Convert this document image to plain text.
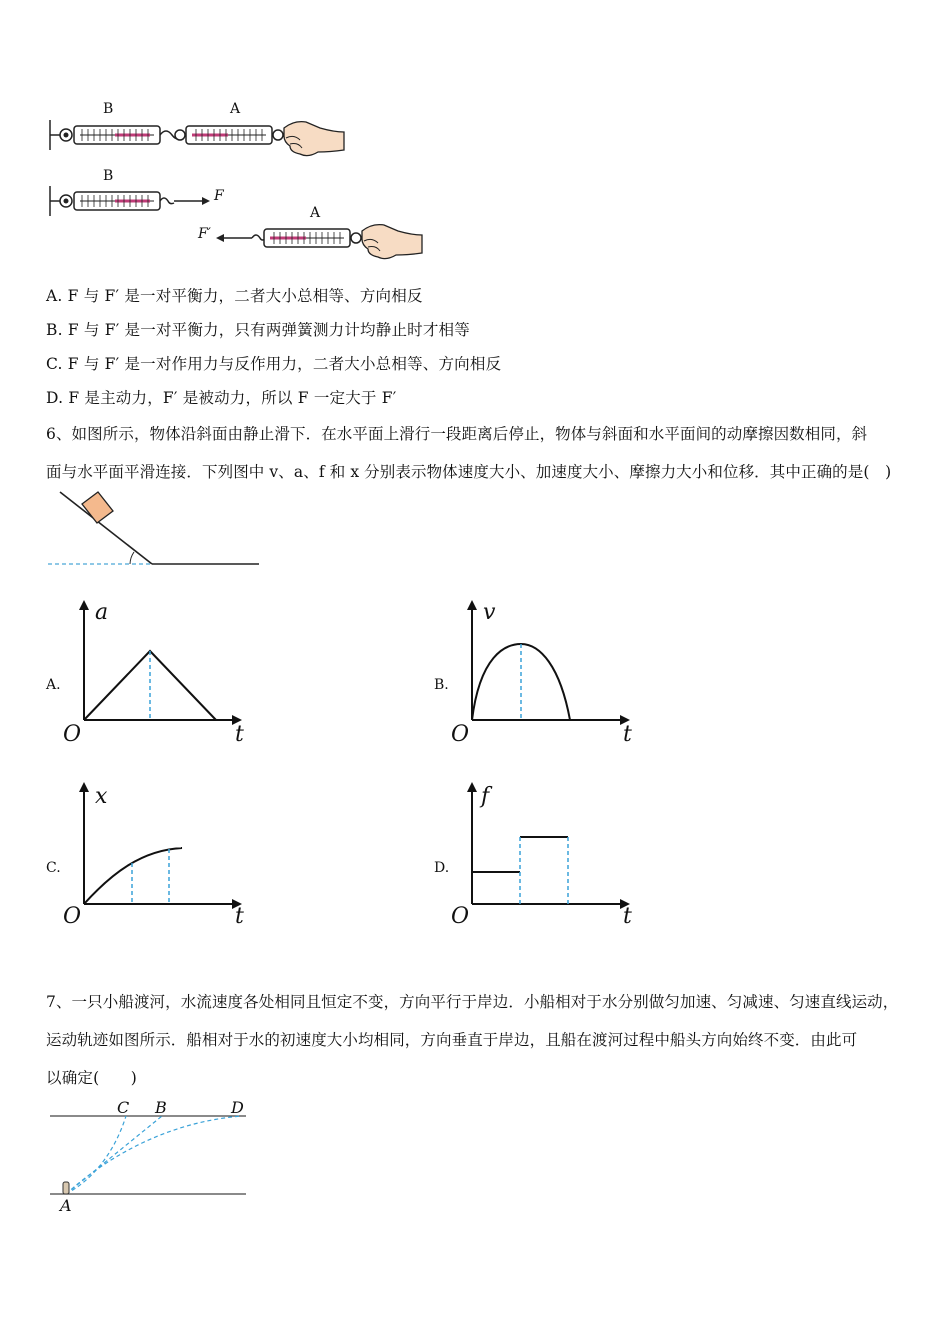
B	A
B
A
F
F′
A. F 与 F′ 是一对平衡力，二者大小总相等、方向相反
B. F 与 F′ 是一对平衡力，只有两弹簧测力计均静止时才相等
C. F 与 F′ 是一对作用力与反作用力，二者大小总相等、方向相反
D. F 是主动力，F′ 是被动力，所以 F 一定大于 F′
6、如图所示，物体沿斜面由静止滑下．在水平面上滑行一段距离后停止，物体与斜面和水平面间的动摩擦因数相同，斜
面与水平面平滑连接．下列图中 v、a、f 和 x 分别表示物体速度大小、加速度大小、摩擦力大小和位移．其中正确的是(　)
A.
a
O	t
B.
v
O	t
C.
x
O	t
D.
f
O	t
7、一只小船渡河，水流速度各处相同且恒定不变，方向平行于岸边．小船相对于水分别做匀加速、匀减速、匀速直线运动，
运动轨迹如图所示．船相对于水的初速度大小均相同，方向垂直于岸边，且船在渡河过程中船头方向始终不变．由此可
以确定(　　)
C B	D
A
